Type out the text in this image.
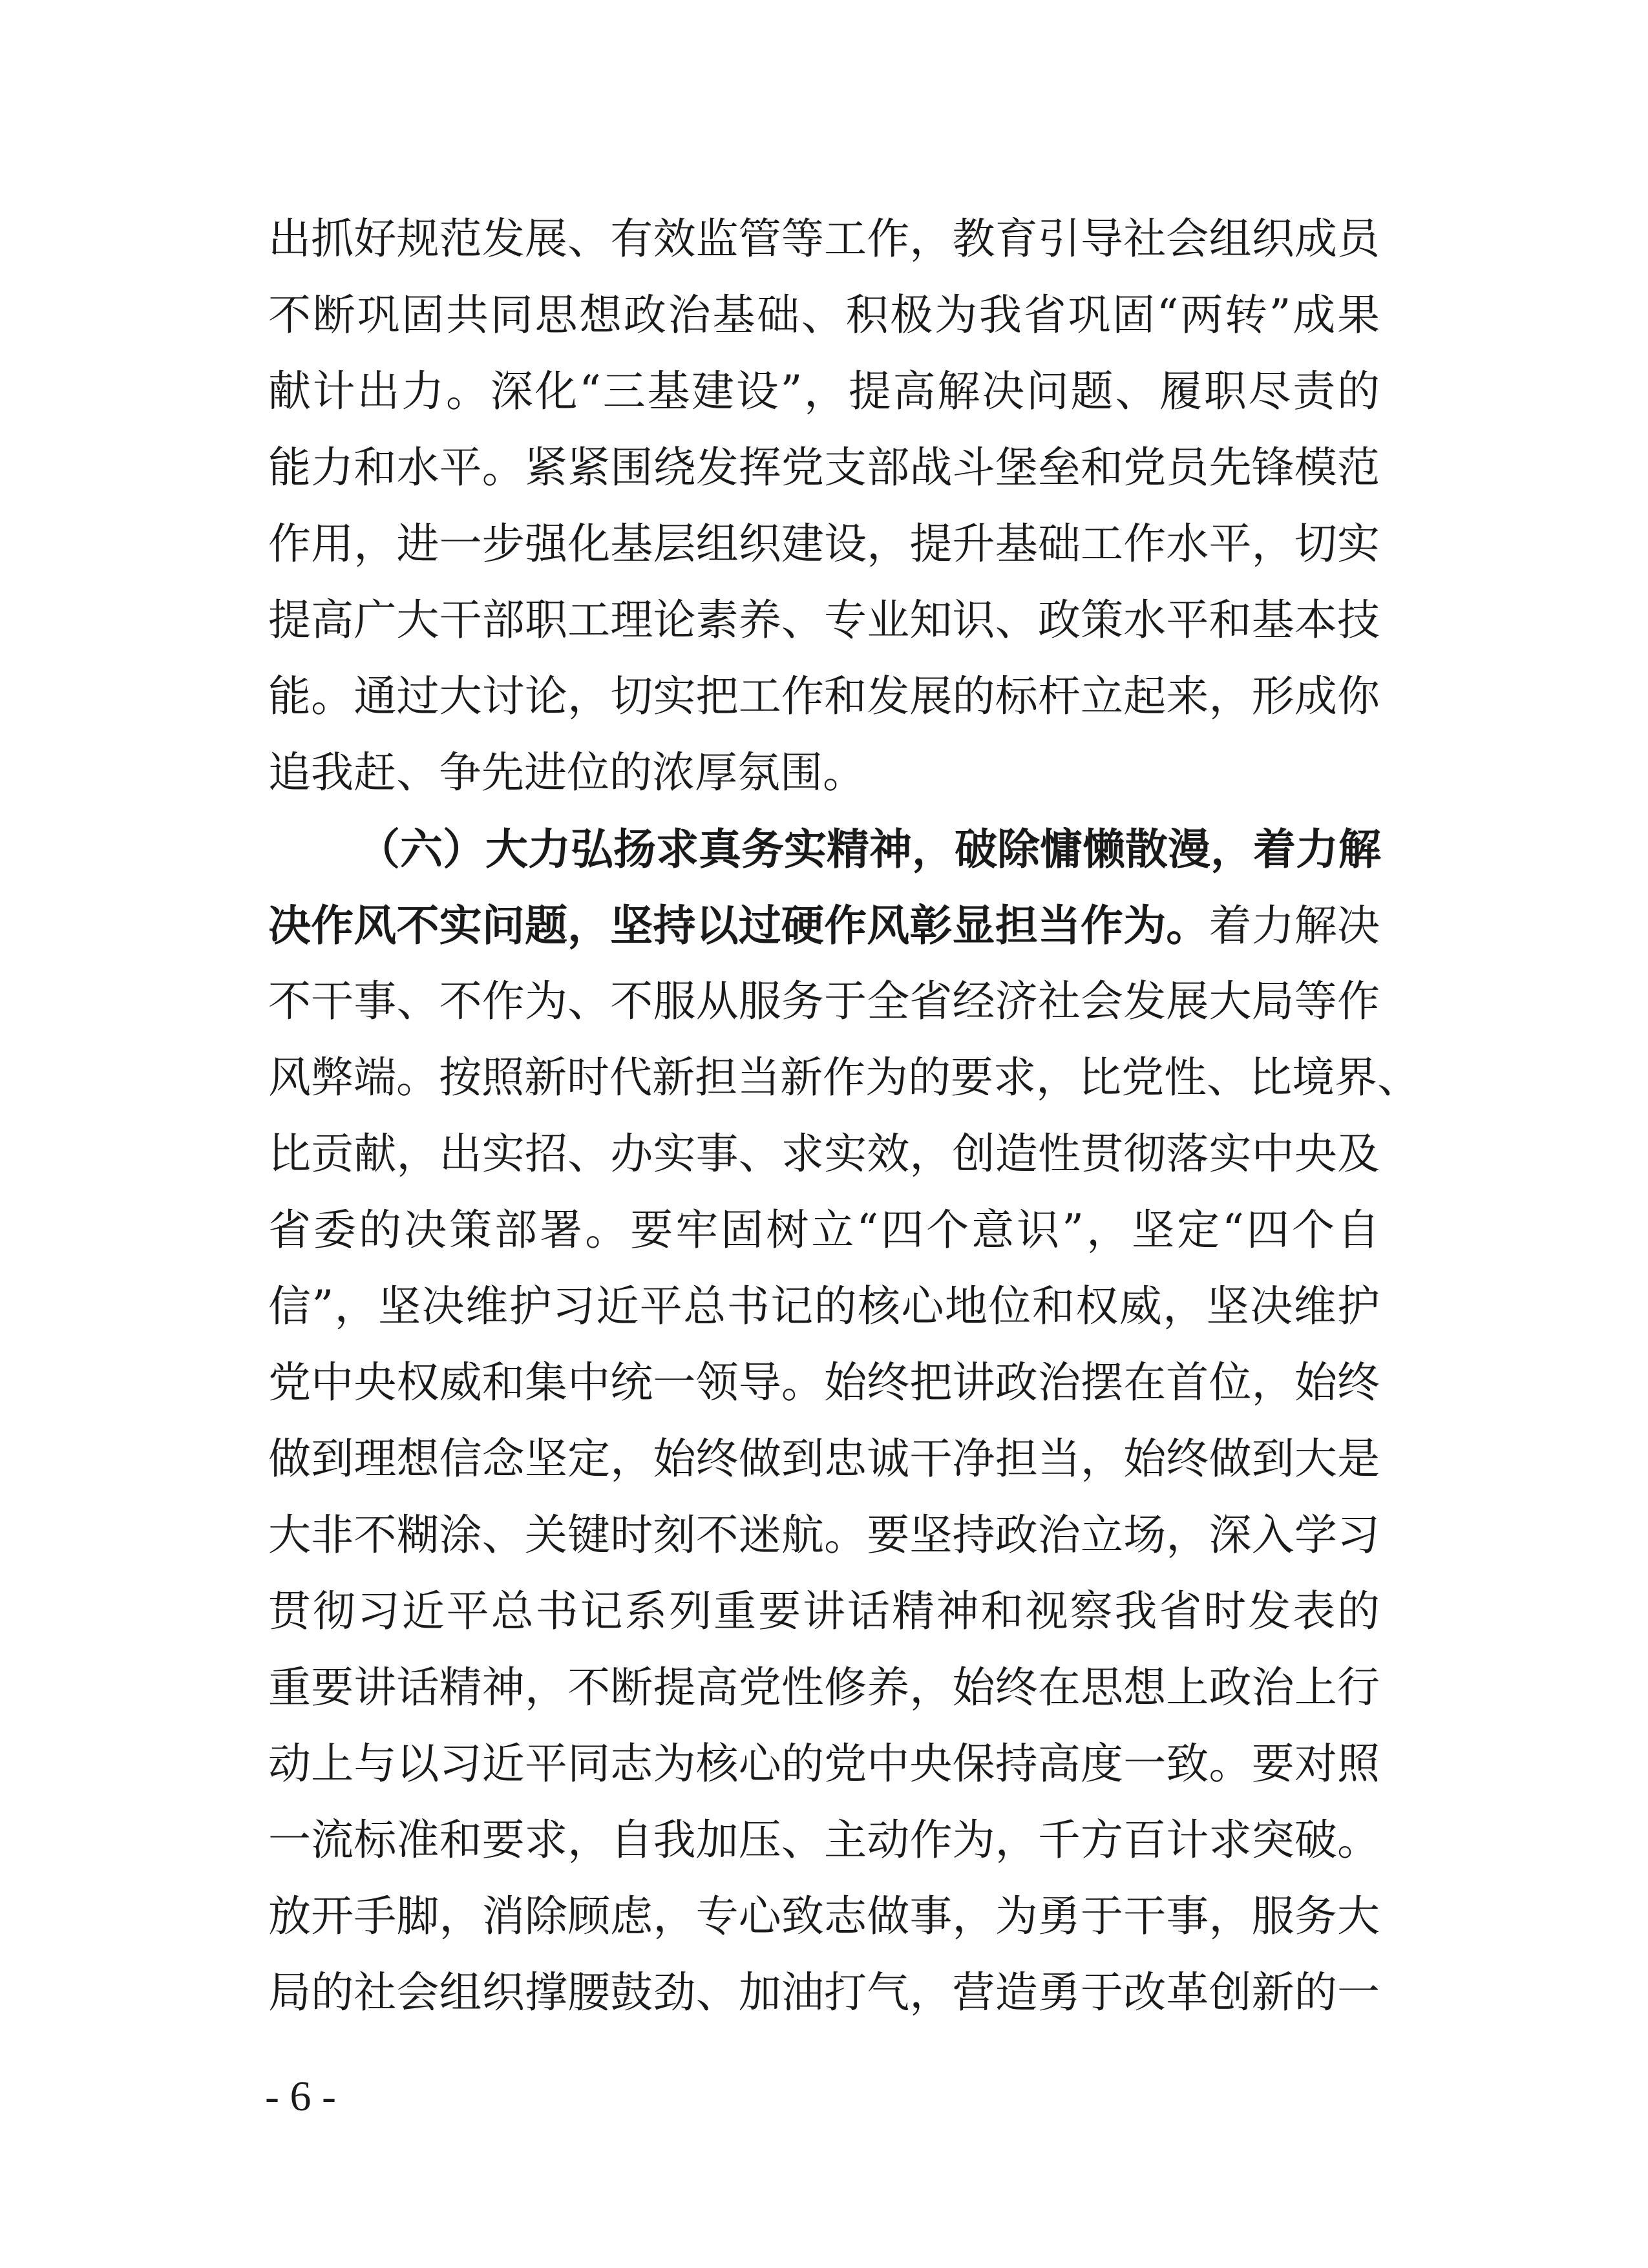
出抓好规范发展、有效监管等工作，教育引导社会组织成员
不断巩固共同思想政治基础、积极为我省巩固“两转”成果
献计出力。深化“三基建设”，提高解决问题、履职尽责的
能力和水平。紧紧围绕发挥党支部战斗堡垒和党员先锋模范
作用，进一步强化基层组织建设，提升基础工作水平，切实
提高广大干部职工理论素养、专业知识、政策水平和基本技
能。通过大讨论，切实把工作和发展的标杆立起来，形成你
追我赶、争先进位的浓厚氛围。
（六）大力弘扬求真务实精神，破除慵懒散漫，着力解
决作风不实问题，坚持以过硬作风彰显担当作为。着力解决
不干事、不作为、不服从服务于全省经济社会发展大局等作
风弊端。按照新时代新担当新作为的要求，比党性、比境界、
比贡献，出实招、办实事、求实效，创造性贯彻落实中央及
省委的决策部署。要牢固树立“四个意识”，坚定“四个自
信”，坚决维护习近平总书记的核心地位和权威，坚决维护
党中央权威和集中统一领导。始终把讲政治摆在首位，始终
做到理想信念坚定，始终做到忠诚干净担当，始终做到大是
大非不糊涂、关键时刻不迷航。要坚持政治立场，深入学习
贯彻习近平总书记系列重要讲话精神和视察我省时发表的
重要讲话精神，不断提高党性修养，始终在思想上政治上行
动上与以习近平同志为核心的党中央保持高度一致。要对照
一流标准和要求，自我加压、主动作为，千方百计求突破。
放开手脚，消除顾虑，专心致志做事，为勇于干事，服务大
局的社会组织撑腰鼓劲、加油打气，营造勇于改革创新的一
- 6 -
